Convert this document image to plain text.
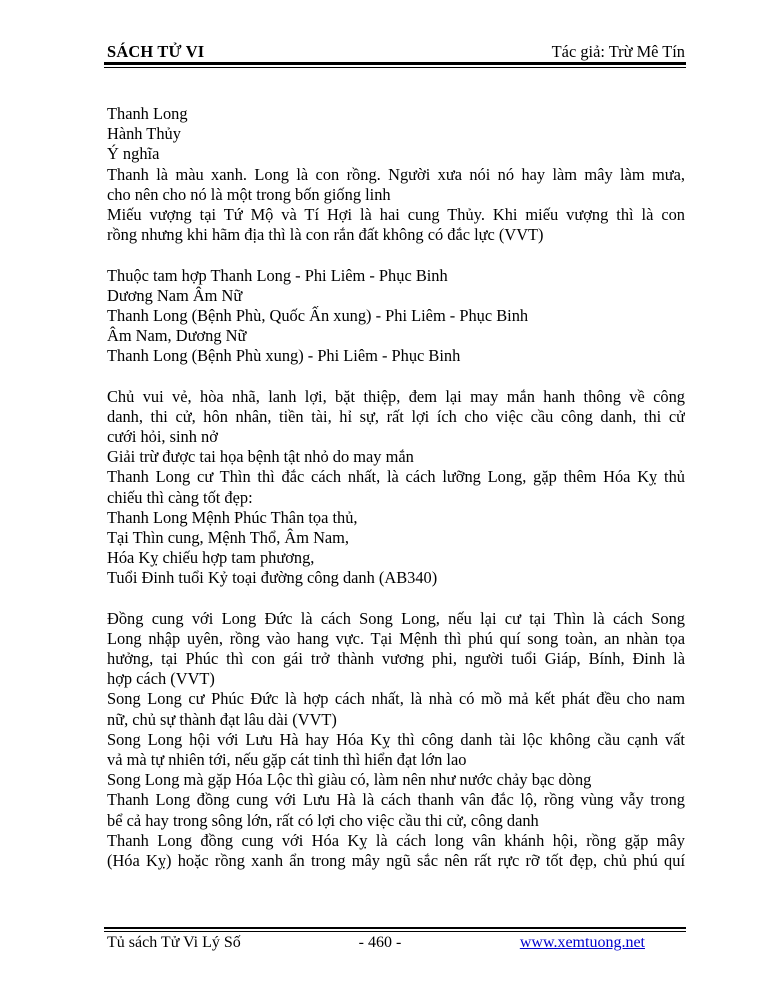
SÁCH TỬ VI	Tác giả: Trừ Mê Tín
Thanh Long
Hành Thủy
Ý nghĩa
Thanh là màu xanh. Long là con rồng. Người xưa nói nó hay làm mây làm mưa,
cho nên cho nó là một trong bốn giống linh
Miếu vượng tại Tứ Mộ và Tí Hợi là hai cung Thủy. Khi miếu vượng thì là con
rồng nhưng khi hãm địa thì là con rắn đất không có đắc lực (VVT)
Thuộc tam hợp Thanh Long - Phi Liêm - Phục Binh
Dương Nam Âm Nữ
Thanh Long (Bệnh Phù, Quốc Ấn xung) - Phi Liêm - Phục Binh
Âm Nam, Dương Nữ
Thanh Long (Bệnh Phù xung) - Phi Liêm - Phục Binh
Chủ vui vẻ, hòa nhã, lanh lợi, bặt thiệp, đem lại may mắn hanh thông về công
danh, thi cử, hôn nhân, tiền tài, hỉ sự, rất lợi ích cho việc cầu công danh, thi cử
cưới hỏi, sinh nở
Giải trừ được tai họa bệnh tật nhỏ do may mắn
Thanh Long cư Thìn thì đắc cách nhất, là cách lưỡng Long, gặp thêm Hóa Kỵ thủ
chiếu thì càng tốt đẹp:
Thanh Long Mệnh Phúc Thân tọa thủ,
Tại Thìn cung, Mệnh Thổ, Âm Nam,
Hóa Kỵ chiếu hợp tam phương,
Tuổi Đinh tuổi Kỷ toại đường công danh (AB340)
Đồng cung với Long Đức là cách Song Long, nếu lại cư tại Thìn là cách Song
Long nhập uyên, rồng vào hang vực. Tại Mệnh thì phú quí song toàn, an nhàn tọa
hưởng, tại Phúc thì con gái trở thành vương phi, người tuổi Giáp, Bính, Đinh là
hợp cách (VVT)
Song Long cư Phúc Đức là hợp cách nhất, là nhà có mồ mả kết phát đều cho nam
nữ, chủ sự thành đạt lâu dài (VVT)
Song Long hội với Lưu Hà hay Hóa Kỵ thì công danh tài lộc không cầu cạnh vất
vả mà tự nhiên tới, nếu gặp cát tinh thì hiển đạt lớn lao
Song Long mà gặp Hóa Lộc thì giàu có, làm nên như nước chảy bạc dòng
Thanh Long đồng cung với Lưu Hà là cách thanh vân đắc lộ, rồng vùng vẫy trong
bể cả hay trong sông lớn, rất có lợi cho việc cầu thi cử, công danh
Thanh Long đồng cung với Hóa Kỵ là cách long vân khánh hội, rồng gặp mây
(Hóa Kỵ) hoặc rồng xanh ẩn trong mây ngũ sắc nên rất rực rỡ tốt đẹp, chủ phú quí
Tủ sách Tử Vi Lý Số	- 460 -	www.xemtuong.net
